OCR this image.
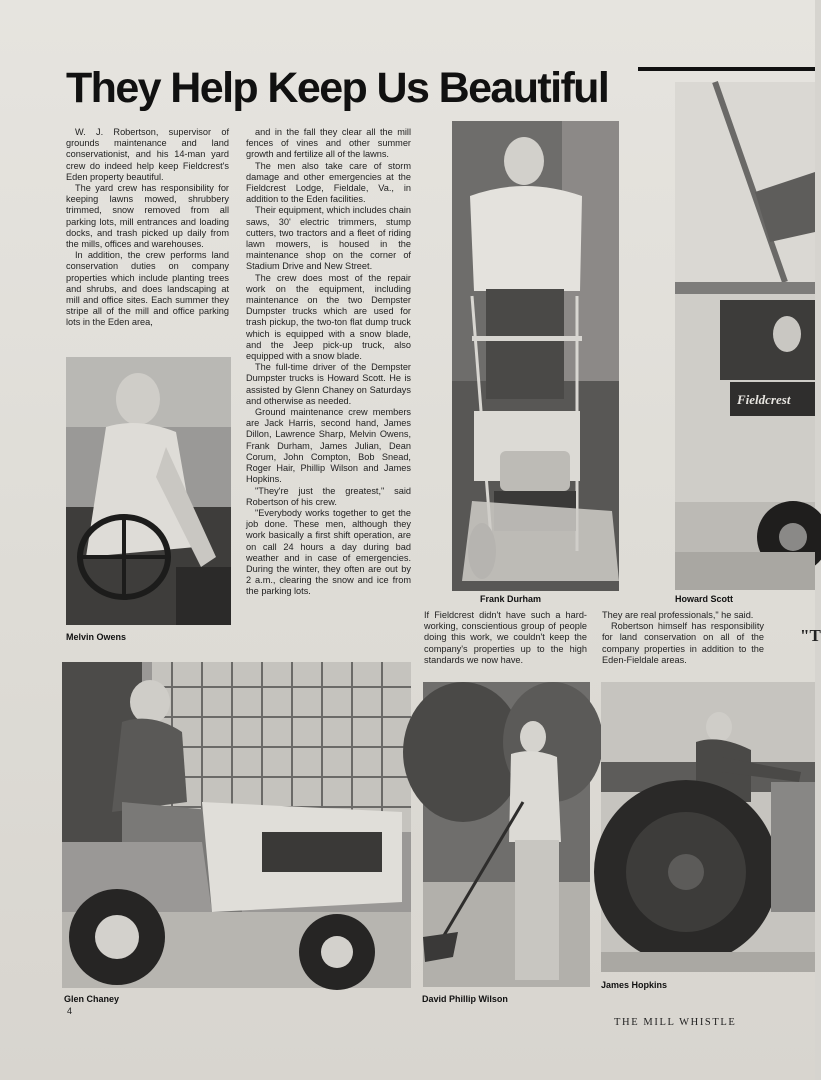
They Help Keep Us Beautiful

W. J. Robertson, supervisor of grounds maintenance and land conservationist, and his 14-man yard crew do indeed help keep Fieldcrest's Eden property beautiful.

The yard crew has responsibility for keeping lawns mowed, shrubbery trimmed, snow removed from all parking lots, mill entrances and loading docks, and trash picked up daily from the mills, offices and warehouses.

In addition, the crew performs land conservation duties on company properties which include planting trees and shrubs, and does landscaping at mill and office sites. Each summer they stripe all of the mill and office parking lots in the Eden area,

and in the fall they clear all the mill fences of vines and other summer growth and fertilize all of the lawns.

The men also take care of storm damage and other emergencies at the Fieldcrest Lodge, Fieldale, Va., in addition to the Eden facilities.

Their equipment, which includes chain saws, 30' electric trimmers, stump cutters, two tractors and a fleet of riding lawn mowers, is housed in the maintenance shop on the corner of Stadium Drive and New Street.

The crew does most of the repair work on the equipment, including maintenance on the two Dempster Dumpster trucks which are used for trash pickup, the two-ton flat dump truck which is equipped with a snow blade, and the Jeep pick-up truck, also equipped with a snow blade.

The full-time driver of the Dempster Dumpster trucks is Howard Scott. He is assisted by Glenn Chaney on Saturdays and otherwise as needed.

Ground maintenance crew members are Jack Harris, second hand, James Dillon, Lawrence Sharp, Melvin Owens, Frank Durham, James Julian, Dean Corum, John Compton, Bob Snead, Roger Hair, Phillip Wilson and James Hopkins.

"They're just the greatest," said Robertson of his crew.

"Everybody works together to get the job done. These men, although they work basically a first shift operation, are on call 24 hours a day during bad weather and in case of emergencies. During the winter, they often are out by 2 a.m., clearing the snow and ice from the parking lots.

If Fieldcrest didn't have such a hard-working, conscientious group of people doing this work, we couldn't keep the company's properties up to the high standards we now have.

They are real professionals," he said.

Robertson himself has responsibility for land conservation on all of the company properties in addition to the Eden-Fieldale areas.

"T
Melvin Owens
Frank Durham
Fieldcrest
Howard Scott
Glen Chaney
4
David Phillip Wilson
James Hopkins
THE MILL WHISTLE
